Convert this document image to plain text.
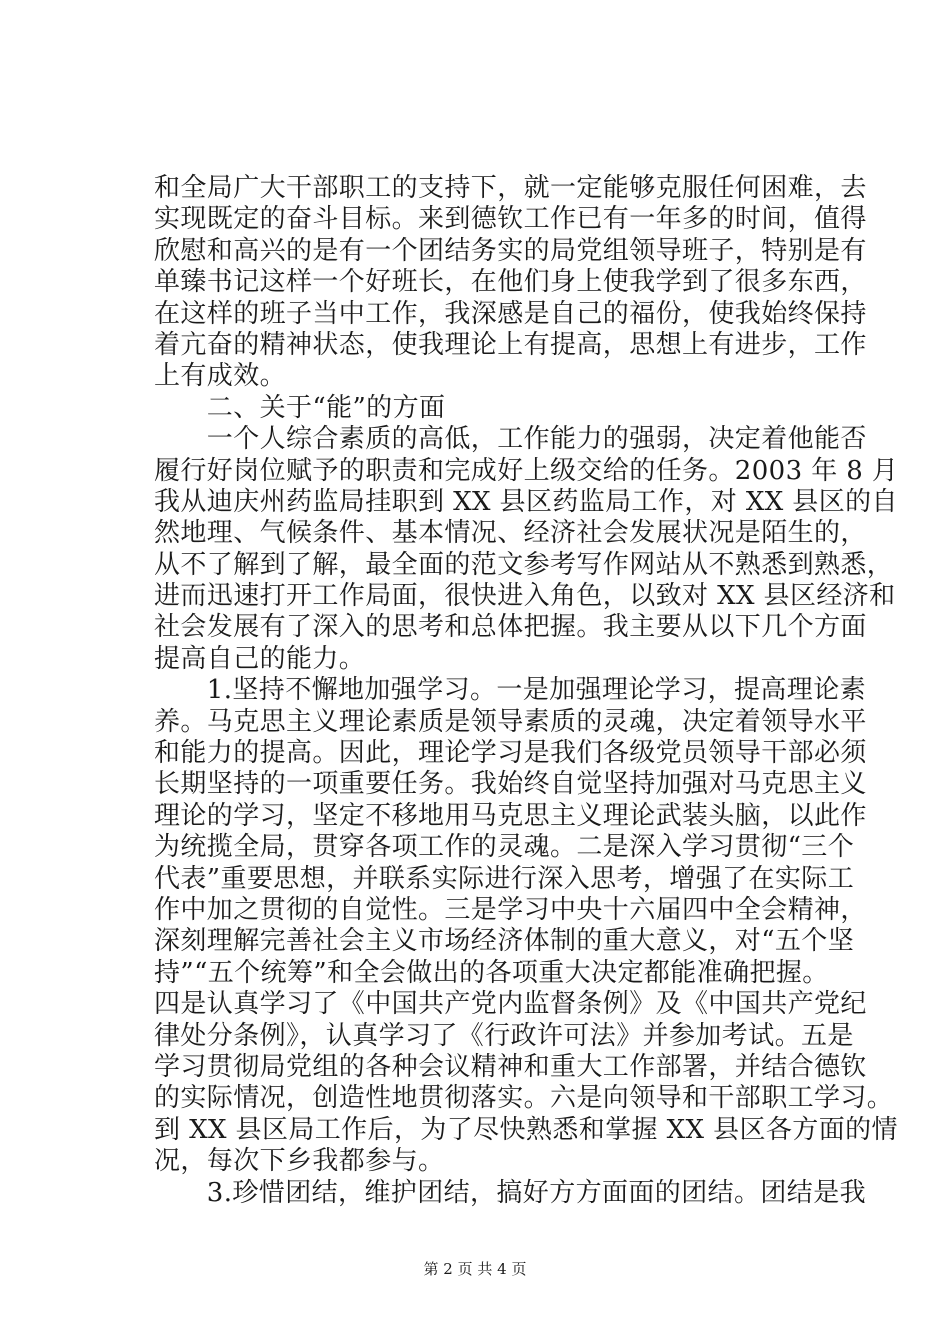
和全局广大干部职工的支持下，就一定能够克服任何困难，去
实现既定的奋斗目标。来到德钦工作已有一年多的时间，值得
欣慰和高兴的是有一个团结务实的局党组领导班子，特别是有
单臻书记这样一个好班长，在他们身上使我学到了很多东西，
在这样的班子当中工作，我深感是自己的福份，使我始终保持
着亢奋的精神状态，使我理论上有提高，思想上有进步，工作
上有成效。
　　二、关于“能”的方面
　　一个人综合素质的高低，工作能力的强弱，决定着他能否
履行好岗位赋予的职责和完成好上级交给的任务。2003 年 8 月
我从迪庆州药监局挂职到 XX 县区药监局工作，对 XX 县区的自
然地理、气候条件、基本情况、经济社会发展状况是陌生的，
从不了解到了解，最全面的范文参考写作网站从不熟悉到熟悉，
进而迅速打开工作局面，很快进入角色，以致对 XX 县区经济和
社会发展有了深入的思考和总体把握。我主要从以下几个方面
提高自己的能力。
　　1.坚持不懈地加强学习。一是加强理论学习，提高理论素
养。马克思主义理论素质是领导素质的灵魂，决定着领导水平
和能力的提高。因此，理论学习是我们各级党员领导干部必须
长期坚持的一项重要任务。我始终自觉坚持加强对马克思主义
理论的学习，坚定不移地用马克思主义理论武装头脑，以此作
为统揽全局，贯穿各项工作的灵魂。二是深入学习贯彻“三个
代表”重要思想，并联系实际进行深入思考，增强了在实际工
作中加之贯彻的自觉性。三是学习中央十六届四中全会精神，
深刻理解完善社会主义市场经济体制的重大意义，对“五个坚
持”“五个统筹”和全会做出的各项重大决定都能准确把握。
四是认真学习了《中国共产党内监督条例》及《中国共产党纪
律处分条例》，认真学习了《行政许可法》并参加考试。五是
学习贯彻局党组的各种会议精神和重大工作部署，并结合德钦
的实际情况，创造性地贯彻落实。六是向领导和干部职工学习。
到 XX 县区局工作后，为了尽快熟悉和掌握 XX 县区各方面的情
况，每次下乡我都参与。
　　3.珍惜团结，维护团结，搞好方方面面的团结。团结是我
第 2 页 共 4 页
